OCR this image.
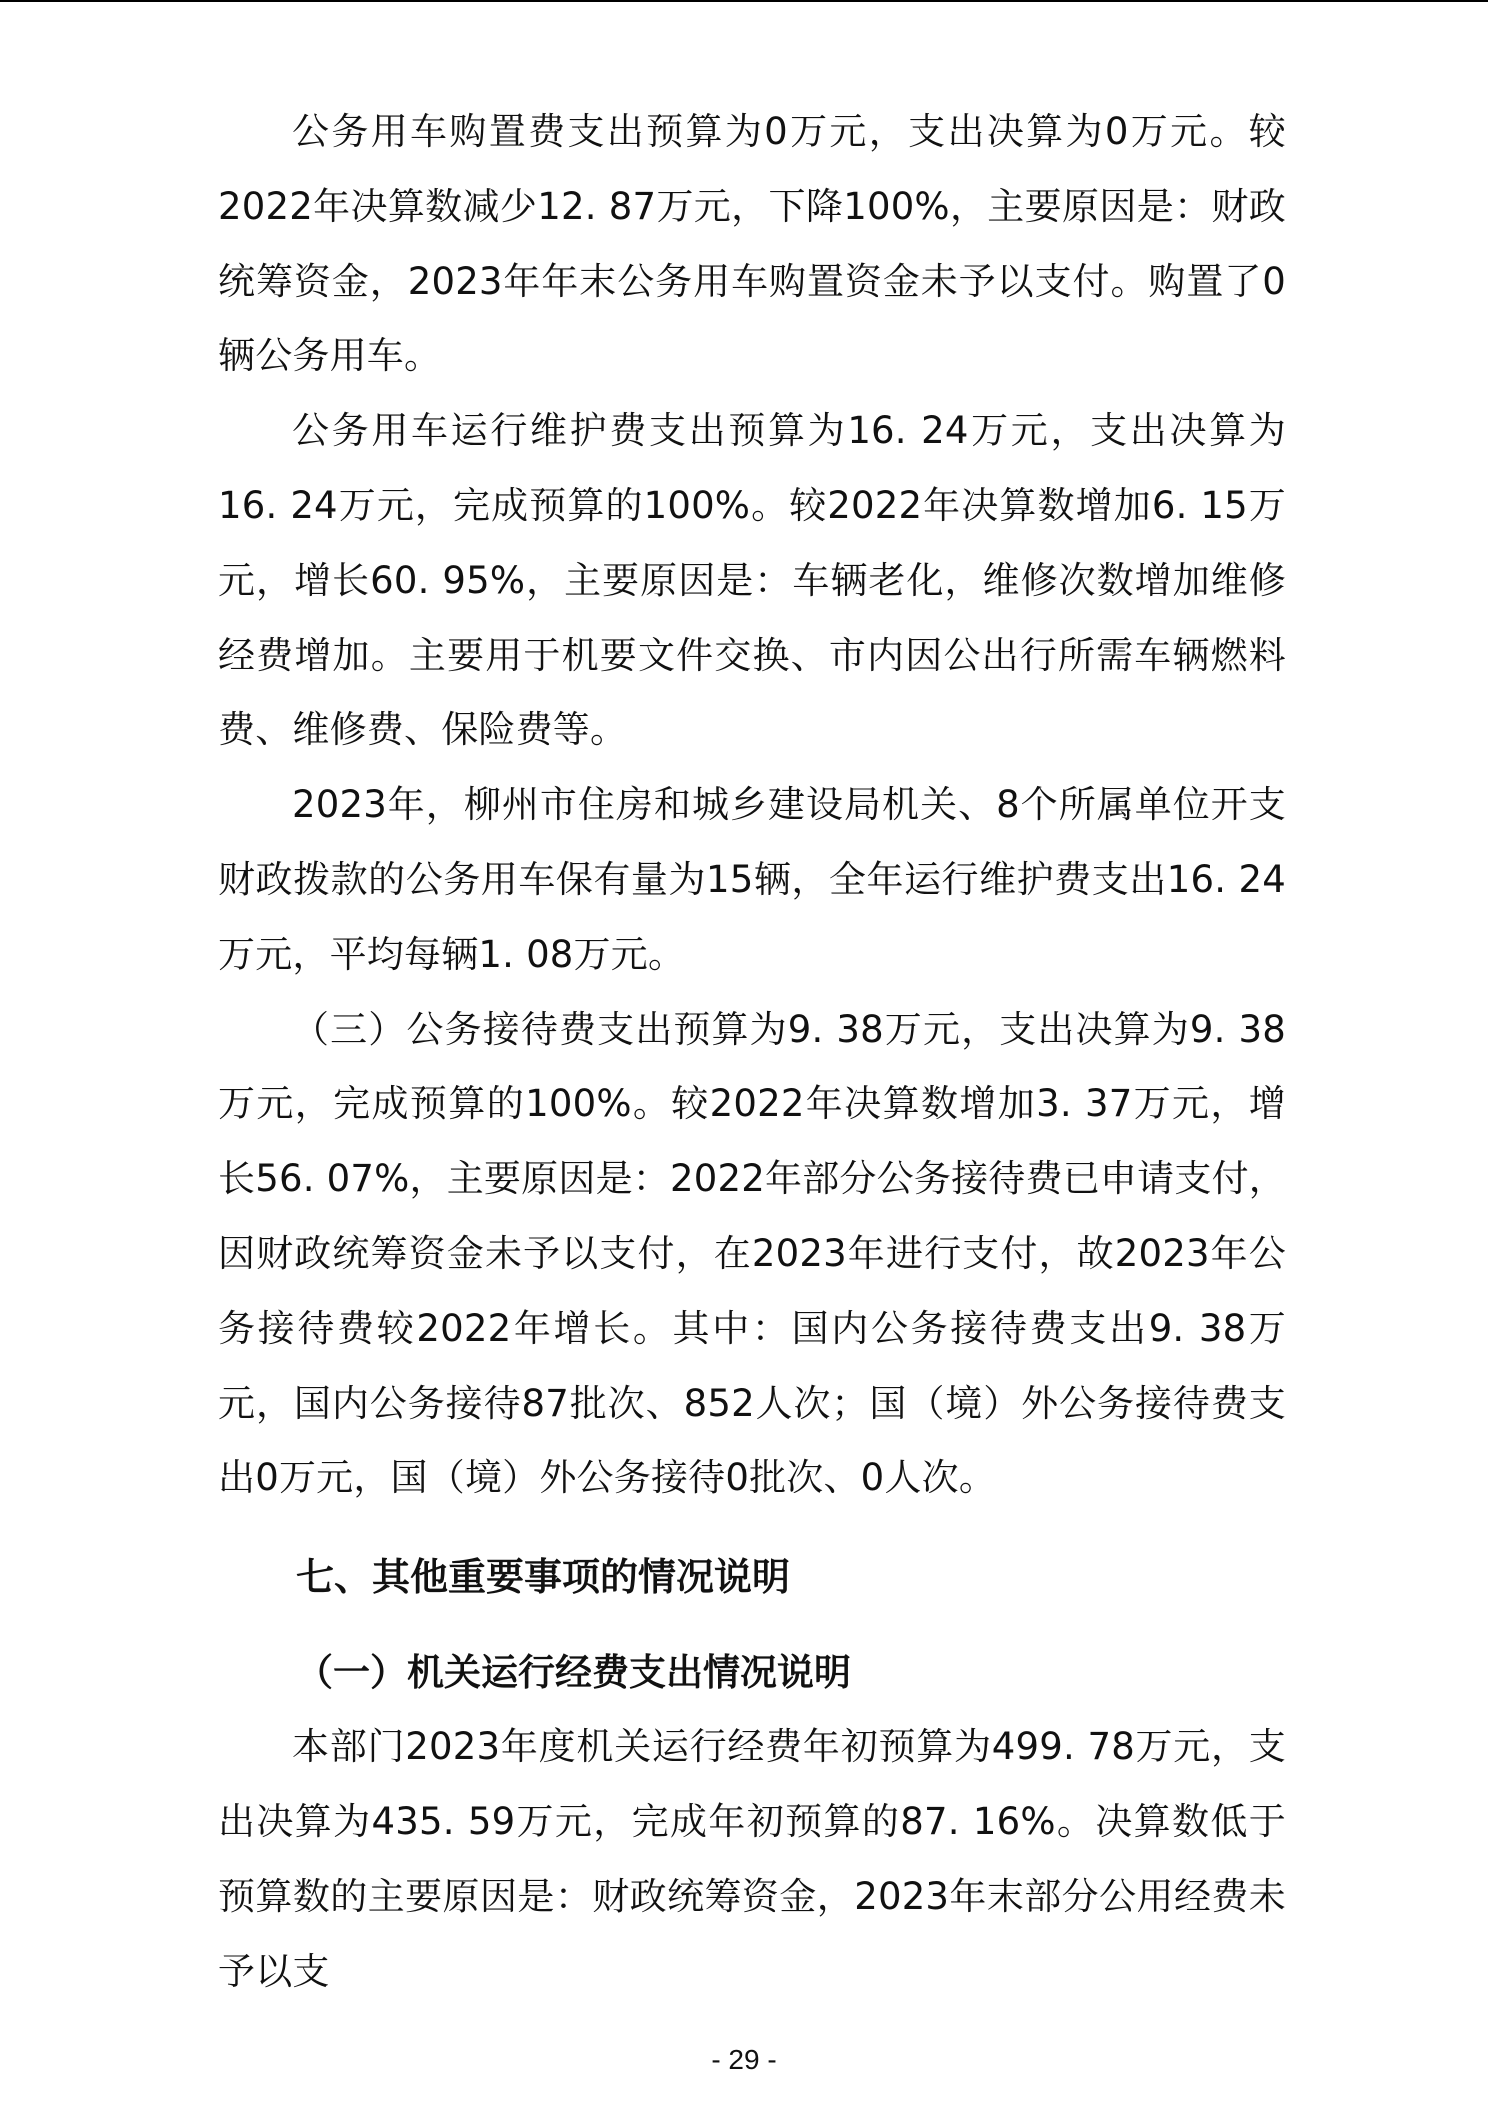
公务用车购置费支出预算为0万元，支出决算为0万元。较2022年决算数减少12. 87万元，下降100%，主要原因是：财政统筹资金，2023年年末公务用车购置资金未予以支付。购置了0辆公务用车。

公务用车运行维护费支出预算为16. 24万元，支出决算为16. 24万元，完成预算的100%。较2022年决算数增加6. 15万元，增长60. 95%，主要原因是：车辆老化，维修次数增加维修经费增加。主要用于机要文件交换、市内因公出行所需车辆燃料费、维修费、保险费等。

2023年，柳州市住房和城乡建设局机关、8个所属单位开支财政拨款的公务用车保有量为15辆，全年运行维护费支出16. 24万元，平均每辆1. 08万元。

（三）公务接待费支出预算为9. 38万元，支出决算为9. 38万元，完成预算的100%。较2022年决算数增加3. 37万元，增长56. 07%，主要原因是：2022年部分公务接待费已申请支付，因财政统筹资金未予以支付，在2023年进行支付，故2023年公务接待费较2022年增长。其中：国内公务接待费支出9. 38万元，国内公务接待87批次、852人次；国（境）外公务接待费支出0万元，国（境）外公务接待0批次、0人次。

七、其他重要事项的情况说明
（一）机关运行经费支出情况说明

本部门2023年度机关运行经费年初预算为499. 78万元，支出决算为435. 59万元，完成年初预算的87. 16%。决算数低于预算数的主要原因是：财政统筹资金，2023年末部分公用经费未予以支

- 29 -
